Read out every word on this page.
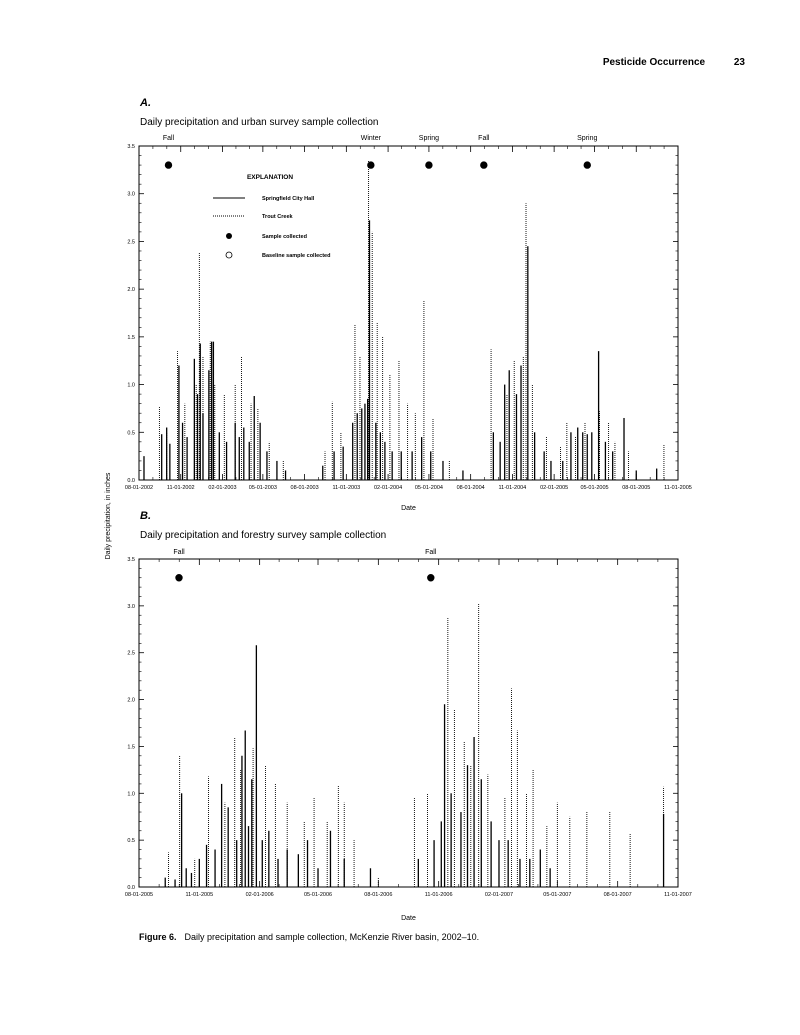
Pesticide Occurrence	23
A.
Daily precipitation and urban survey sample collection
B.
Daily precipitation and forestry survey sample collection
0.0
0.5
1.0
1.5
2.0
2.5
3.0
3.5
08-01-2002	11-01-2002	02-01-2003 05-01-2003 08-01-2003	11-01-2003	02-01-2004 05-01-2004 08-01-2004	11-01-2004	02-01-2005 05-01-2005 08-01-2005	11-01-2005
Date
Fall	Winter	Spring	Fall	Spring
0.0
0.5
1.0
1.5
2.0
2.5
3.0
3.5
08-01-2005	11-01-2005	02-01-2006	05-01-2006	08-01-2006	11-01-2006	02-01-2007	05-01-2007	08-01-2007	11-01-2007
Date
Fall	Fall
EXPLANATION
Springfield City Hall
Trout Creek
Sample collected
Baseline sample collected
Daily precipitation, in inches
Figure 6. Daily precipitation and sample collection, McKenzie River basin, 2002–10.
